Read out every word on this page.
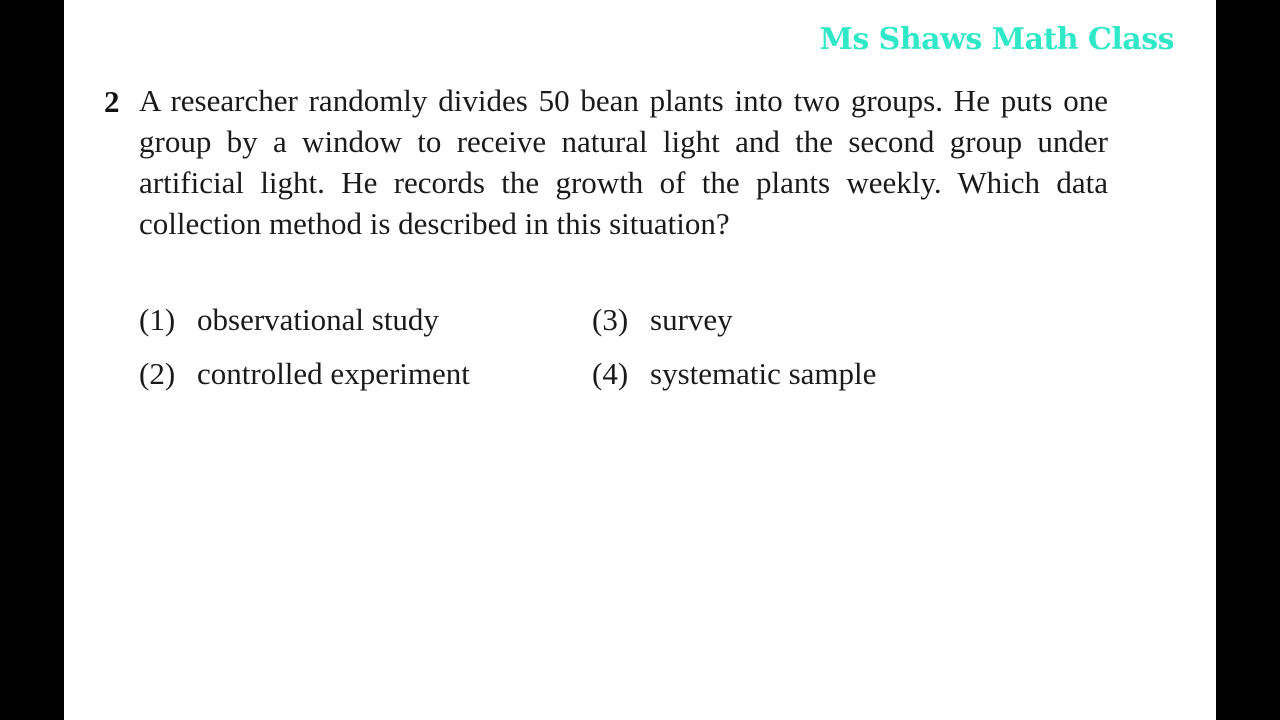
Ms Shaws Math Class
2 A researcher randomly divides 50 bean plants into two groups. He puts one group by a window to receive natural light and the second group under artificial light. He records the growth of the plants weekly. Which data collection method is described in this situation?

(1) observational study
(2) controlled experiment
(3) survey
(4) systematic sample
